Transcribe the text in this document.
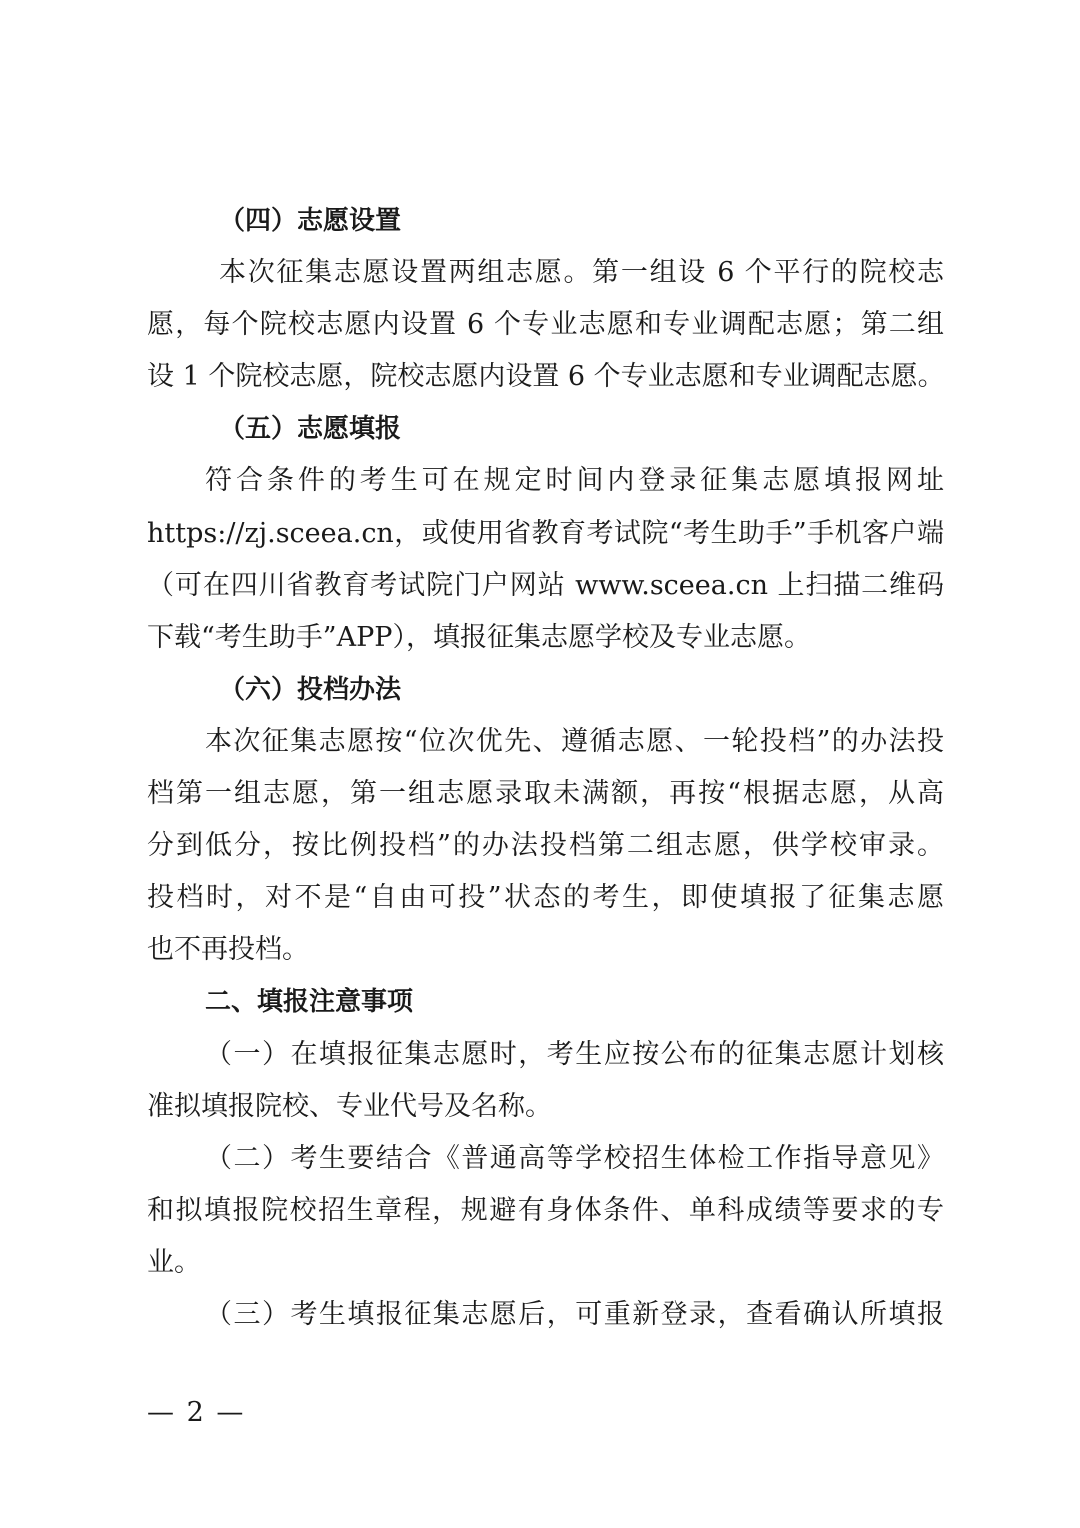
（四）志愿设置
本次征集志愿设置两组志愿。第一组设 6 个平行的院校志
愿，每个院校志愿内设置 6 个专业志愿和专业调配志愿；第二组
设 1 个院校志愿，院校志愿内设置 6 个专业志愿和专业调配志愿。
（五）志愿填报
符合条件的考生可在规定时间内登录征集志愿填报网址
https://zj.sceea.cn，或使用省教育考试院“考生助手”手机客户端
（可在四川省教育考试院门户网站 www.sceea.cn 上扫描二维码
下载“考生助手”APP），填报征集志愿学校及专业志愿。
（六）投档办法
本次征集志愿按“位次优先、遵循志愿、一轮投档”的办法投
档第一组志愿，第一组志愿录取未满额，再按“根据志愿，从高
分到低分，按比例投档”的办法投档第二组志愿，供学校审录。
投档时，对不是“自由可投”状态的考生，即使填报了征集志愿
也不再投档。
二、填报注意事项
（一）在填报征集志愿时，考生应按公布的征集志愿计划核
准拟填报院校、专业代号及名称。
（二）考生要结合《普通高等学校招生体检工作指导意见》
和拟填报院校招生章程，规避有身体条件、单科成绩等要求的专
业。
（三）考生填报征集志愿后，可重新登录，查看确认所填报
— 2 —
